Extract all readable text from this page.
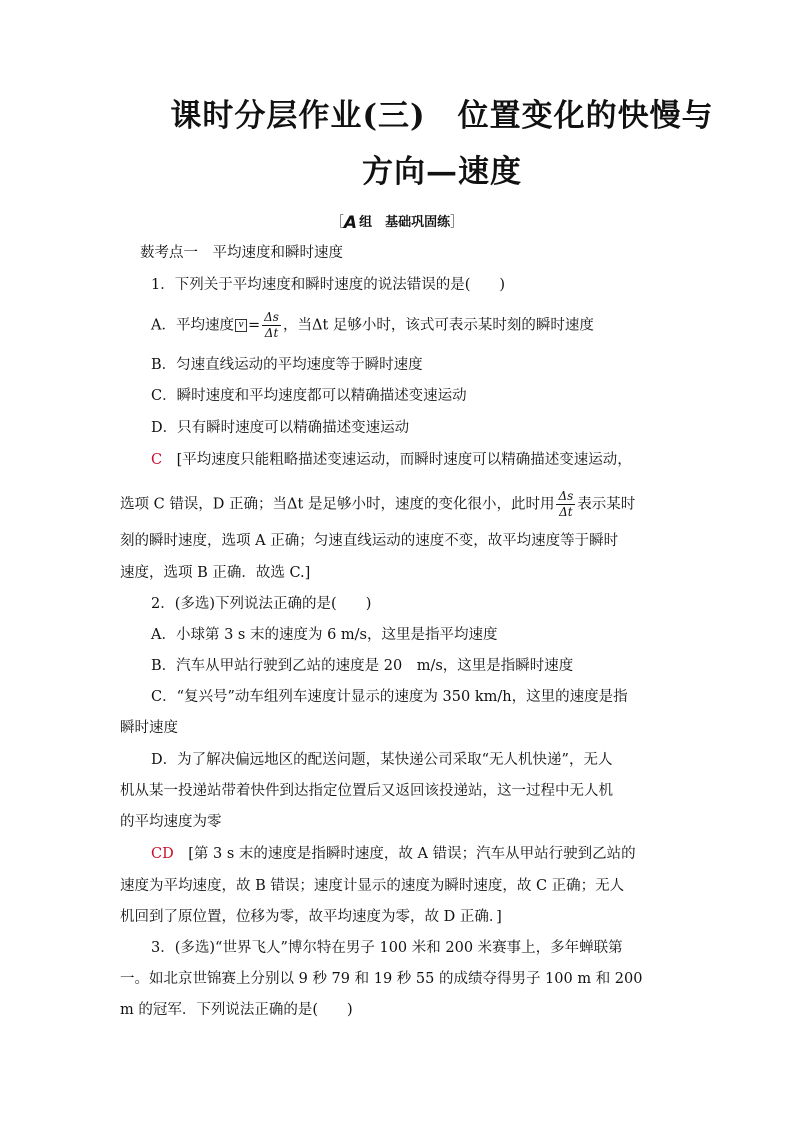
课时分层作业(三)　位置变化的快慢与
方向—速度
［A 组　基础巩固练］
薮考点一　平均速度和瞬时速度
1．下列关于平均速度和瞬时速度的说法错误的是(　　)
A．平均速度 $v = \frac{\Delta s}{\Delta t}$ ，当Δt 足够小时，该式可表示某时刻的瞬时速度
B．匀速直线运动的平均速度等于瞬时速度
C．瞬时速度和平均速度都可以精确描述变速运动
D．只有瞬时速度可以精确描述变速运动
C　[平均速度只能粗略描述变速运动，而瞬时速度可以精确描述变速运动，
选项 C 错误，D 正确；当Δt 是足够小时，速度的变化很小，此时用 $\frac{\Delta s}{\Delta t}$ 表示某时
刻的瞬时速度，选项 A 正确；匀速直线运动的速度不变，故平均速度等于瞬时
速度，选项 B 正确．故选 C.]
2．(多选)下列说法正确的是(　　)
A．小球第 3 s 末的速度为 6 m/s，这里是指平均速度
B．汽车从甲站行驶到乙站的速度是 20　m/s，这里是指瞬时速度
C．“复兴号”动车组列车速度计显示的速度为 350 km/h，这里的速度是指
瞬时速度
D．为了解决偏远地区的配送问题，某快递公司采取“无人机快递”，无人
机从某一投递站带着快件到达指定位置后又返回该投递站，这一过程中无人机
的平均速度为零
CD　[第 3 s 末的速度是指瞬时速度，故 A 错误；汽车从甲站行驶到乙站的
速度为平均速度，故 B 错误；速度计显示的速度为瞬时速度，故 C 正确；无人
机回到了原位置，位移为零，故平均速度为零，故 D 正确．]
3．(多选)“世界飞人”博尔特在男子 100 米和 200 米赛事上，多年蝉联第
一。如北京世锦赛上分别以 9 秒 79 和 19 秒 55 的成绩夺得男子 100 m 和 200
m 的冠军．下列说法正确的是(　　)
